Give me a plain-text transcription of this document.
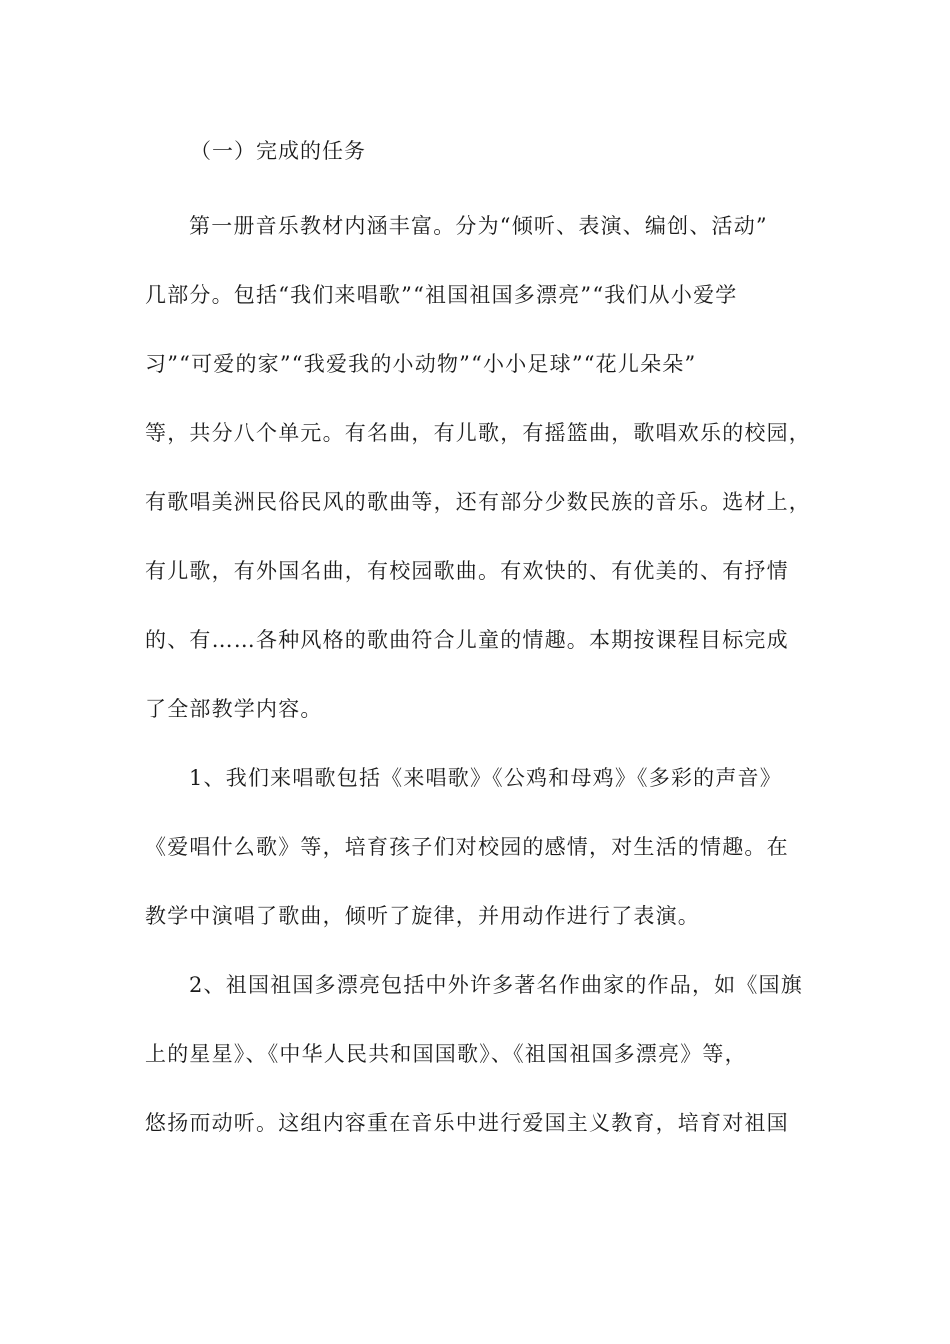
（一）完成的任务
第一册音乐教材内涵丰富。分为“倾听、表演、编创、活动”
几部分。包括“我们来唱歌”“祖国祖国多漂亮”“我们从小爱学
习”“可爱的家”“我爱我的小动物”“小小足球”“花儿朵朵”
等，共分八个单元。有名曲，有儿歌，有摇篮曲，歌唱欢乐的校园，
有歌唱美洲民俗民风的歌曲等，还有部分少数民族的音乐。选材上，
有儿歌，有外国名曲，有校园歌曲。有欢快的、有优美的、有抒情
的、有……各种风格的歌曲符合儿童的情趣。本期按课程目标完成
了全部教学内容。
1、我们来唱歌包括《来唱歌》《公鸡和母鸡》《多彩的声音》
《爱唱什么歌》等，培育孩子们对校园的感情，对生活的情趣。在
教学中演唱了歌曲，倾听了旋律，并用动作进行了表演。
2、祖国祖国多漂亮包括中外许多著名作曲家的作品，如《国旗
上的星星》、《中华人民共和国国歌》、《祖国祖国多漂亮》等，
悠扬而动听。这组内容重在音乐中进行爱国主义教育，培育对祖国
